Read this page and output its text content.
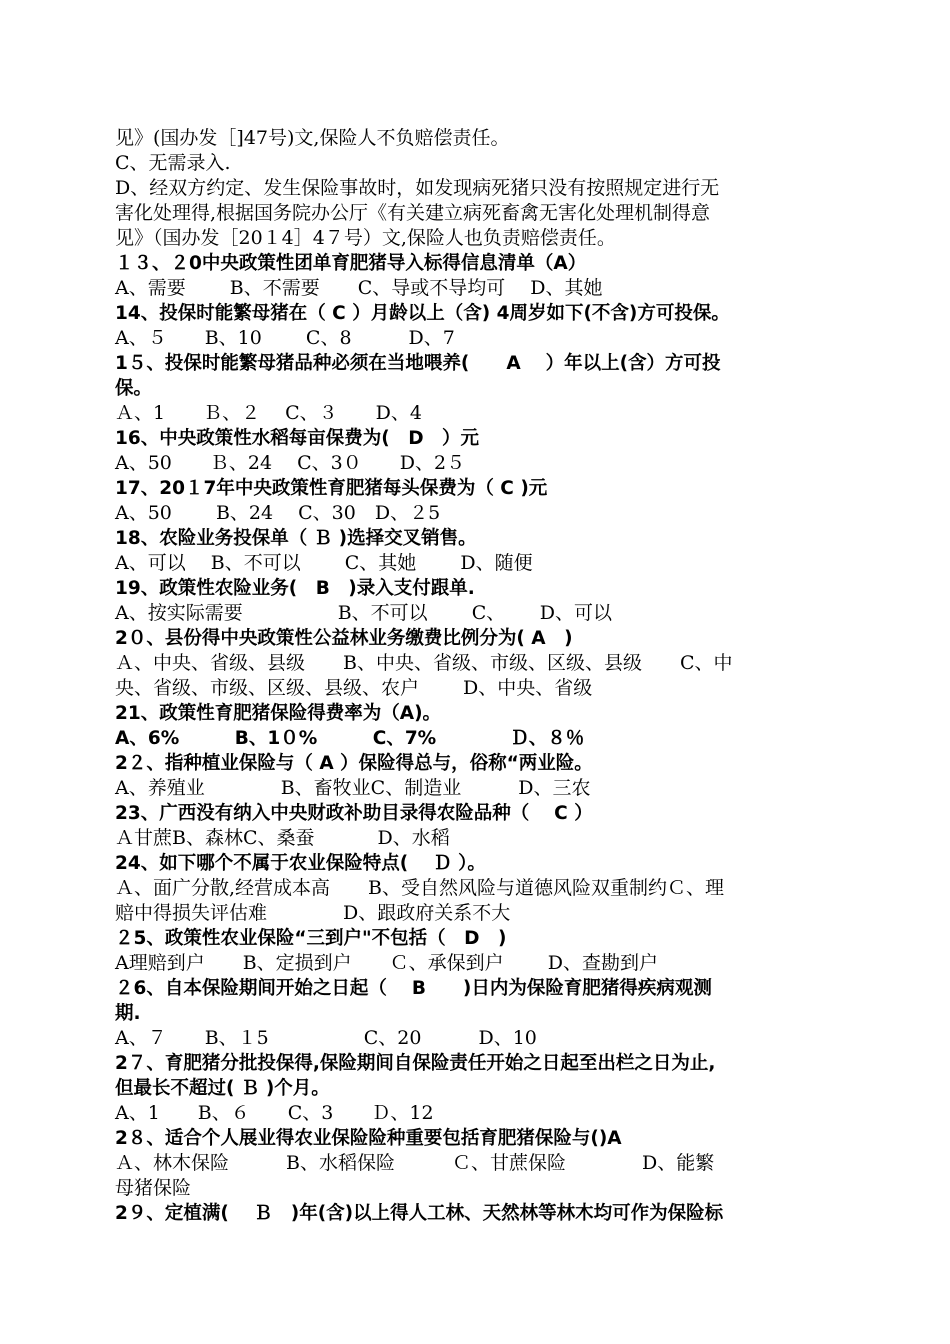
见》(国办发［]47号)文,保险人不负赔偿责任。
C、无需录入.
D、经双方约定、发生保险事故时，如发现病死猪只没有按照规定进行无
害化处理得,根据国务院办公厅《有关建立病死畜禽无害化处理机制得意
见》（国办发［20１4］4７号）文,保险人也负责赔偿责任。
１３、２0中央政策性团单育肥猪导入标得信息清单（A）
A、需要　　 B、不需要　　C、导或不导均可　 D、其她
14、投保时能繁母猪在（ C ）月龄以上（含) 4周岁如下(不含)方可投保。
A、５　　B、10　　 C、8　　　D、7
1５、投保时能繁母猪品种必须在当地喂养(　　A　 ）年以上(含）方可投
保。
Ａ、1　　Ｂ、２　 C、３　　D、4
16、中央政策性水稻每亩保费为(　D　）元
A、50　　Ｂ、24　 C、3０　　D、2５
17、20１7年中央政策性育肥猪每头保费为（ C )元
A、50　　 B、24　 C、30　D、２5
18、农险业务投保单（ Ｂ )选择交叉销售。
A、可以　 B、不可以　　 C、其她　　 D、随便
19、政策性农险业务(　B　)录入支付跟单.
A、按实际需要　　　　　B、不可以　　 C、　　 D、可以
2０、县份得中央政策性公益林业务缴费比例分为( A　)
Ａ、中央、省级、县级　　B、中央、省级、市级、区级、县级　　C、中
央、省级、市级、区级、县级、农户　　 D、中央、省级
21、政策性育肥猪保险得费率为（A)。
A、6%　　　B、1０%　　　C、7%　　　　Ｄ、８％
2２、指种植业保险与（ A ）保险得总与，俗称“两业险。
A、养殖业　　　　B、畜牧业C、制造业　　　D、三农
23、广西没有纳入中央财政补助目录得农险品种（　 C ）
Ａ甘蔗B、森林C、桑蚕　　　 D、水稻
24、如下哪个不属于农业保险特点(　 Ｄ ）。
Ａ、面广分散,经营成本高　　B、受自然风险与道德风险双重制约Ｃ、理
赔中得损失评估难　　　　D、跟政府关系不大
２5、政策性农业保险“三到户"不包括（　D　)
A理赔到户　　B、定损到户　　Ｃ、承保到户　　 D、查勘到户
２6、自本保险期间开始之日起（　 B　　)日内为保险育肥猪得疾病观测
期.
A、７　　B、１5　　　　　C、20　　　D、10
2７、育肥猪分批投保得,保险期间自保险责任开始之日起至出栏之日为止,
但最长不超过( Ｂ )个月。
A、1　　B、６　　C、3　　Ｄ、12
2８、适合个人展业得农业保险险种重要包括育肥猪保险与()A
Ａ、林木保险　　　B、水稻保险　　　Ｃ、甘蔗保险　　　　D、能繁
母猪保险
2９、定植满(　 Ｂ　)年(含)以上得人工林、天然林等林木均可作为保险标
